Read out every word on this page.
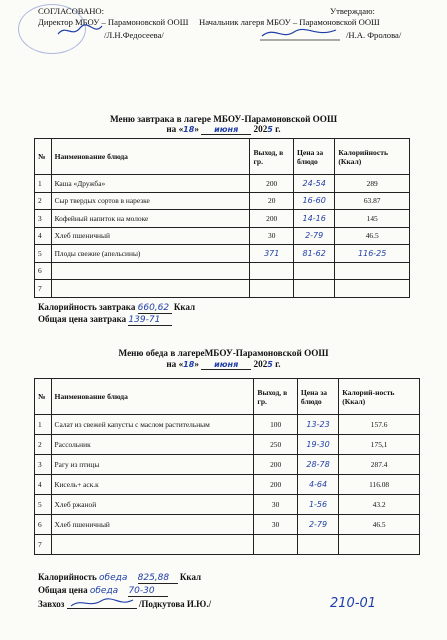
СОГЛАСОВАНО:
Директор МБОУ – Парамоновской ООШ
/Л.Н.Федосеева/
Утверждаю:
Начальник лагеря МБОУ – Парамоновской ООШ
/Н.А. Фролова/
Меню завтрака в лагере МБОУ-Парамоновской ООШ
на «18» июня 2025 г.
№	Наименование блюда	Выход, в гр.	Цена за блюдо	Калорийность (Ккал)
1	Каша «Дружба»	200	24-54	289
2	Сыр твердых сортов в нарезке	20	16-60	63.87
3	Кофейный напиток на молоке	200	14-16	145
4	Хлеб пшеничный	30	2-79	46.5
5	Плоды свежие (апельсины)	371	81-62	116-25
6				
7				
Калорийность завтрака 660,62 Ккал
Общая цена завтрака 139-71
Меню обеда в лагереМБОУ-Парамоновской ООШ
на «18» июня 2025 г.
№	Наименование блюда	Выход, в гр.	Цена за блюдо	Калорий-ность (Ккал)
1	Салат из свежей капусты с маслом растительным	100	13-23	157.6
2	Рассольник	250	19-30	175,1
3	Рагу из птицы	200	28-78	287.4
4	Кисель+ аск.к	200	4-64	116.08
5	Хлеб ржаной	30	1-56	43.2
6	Хлеб пшеничный	30	2-79	46.5
7				
Калорийность обеда 825,88 Ккал
Общая цена обеда 70-30
Завхоз	/Подкутова И.Ю./	210-01
